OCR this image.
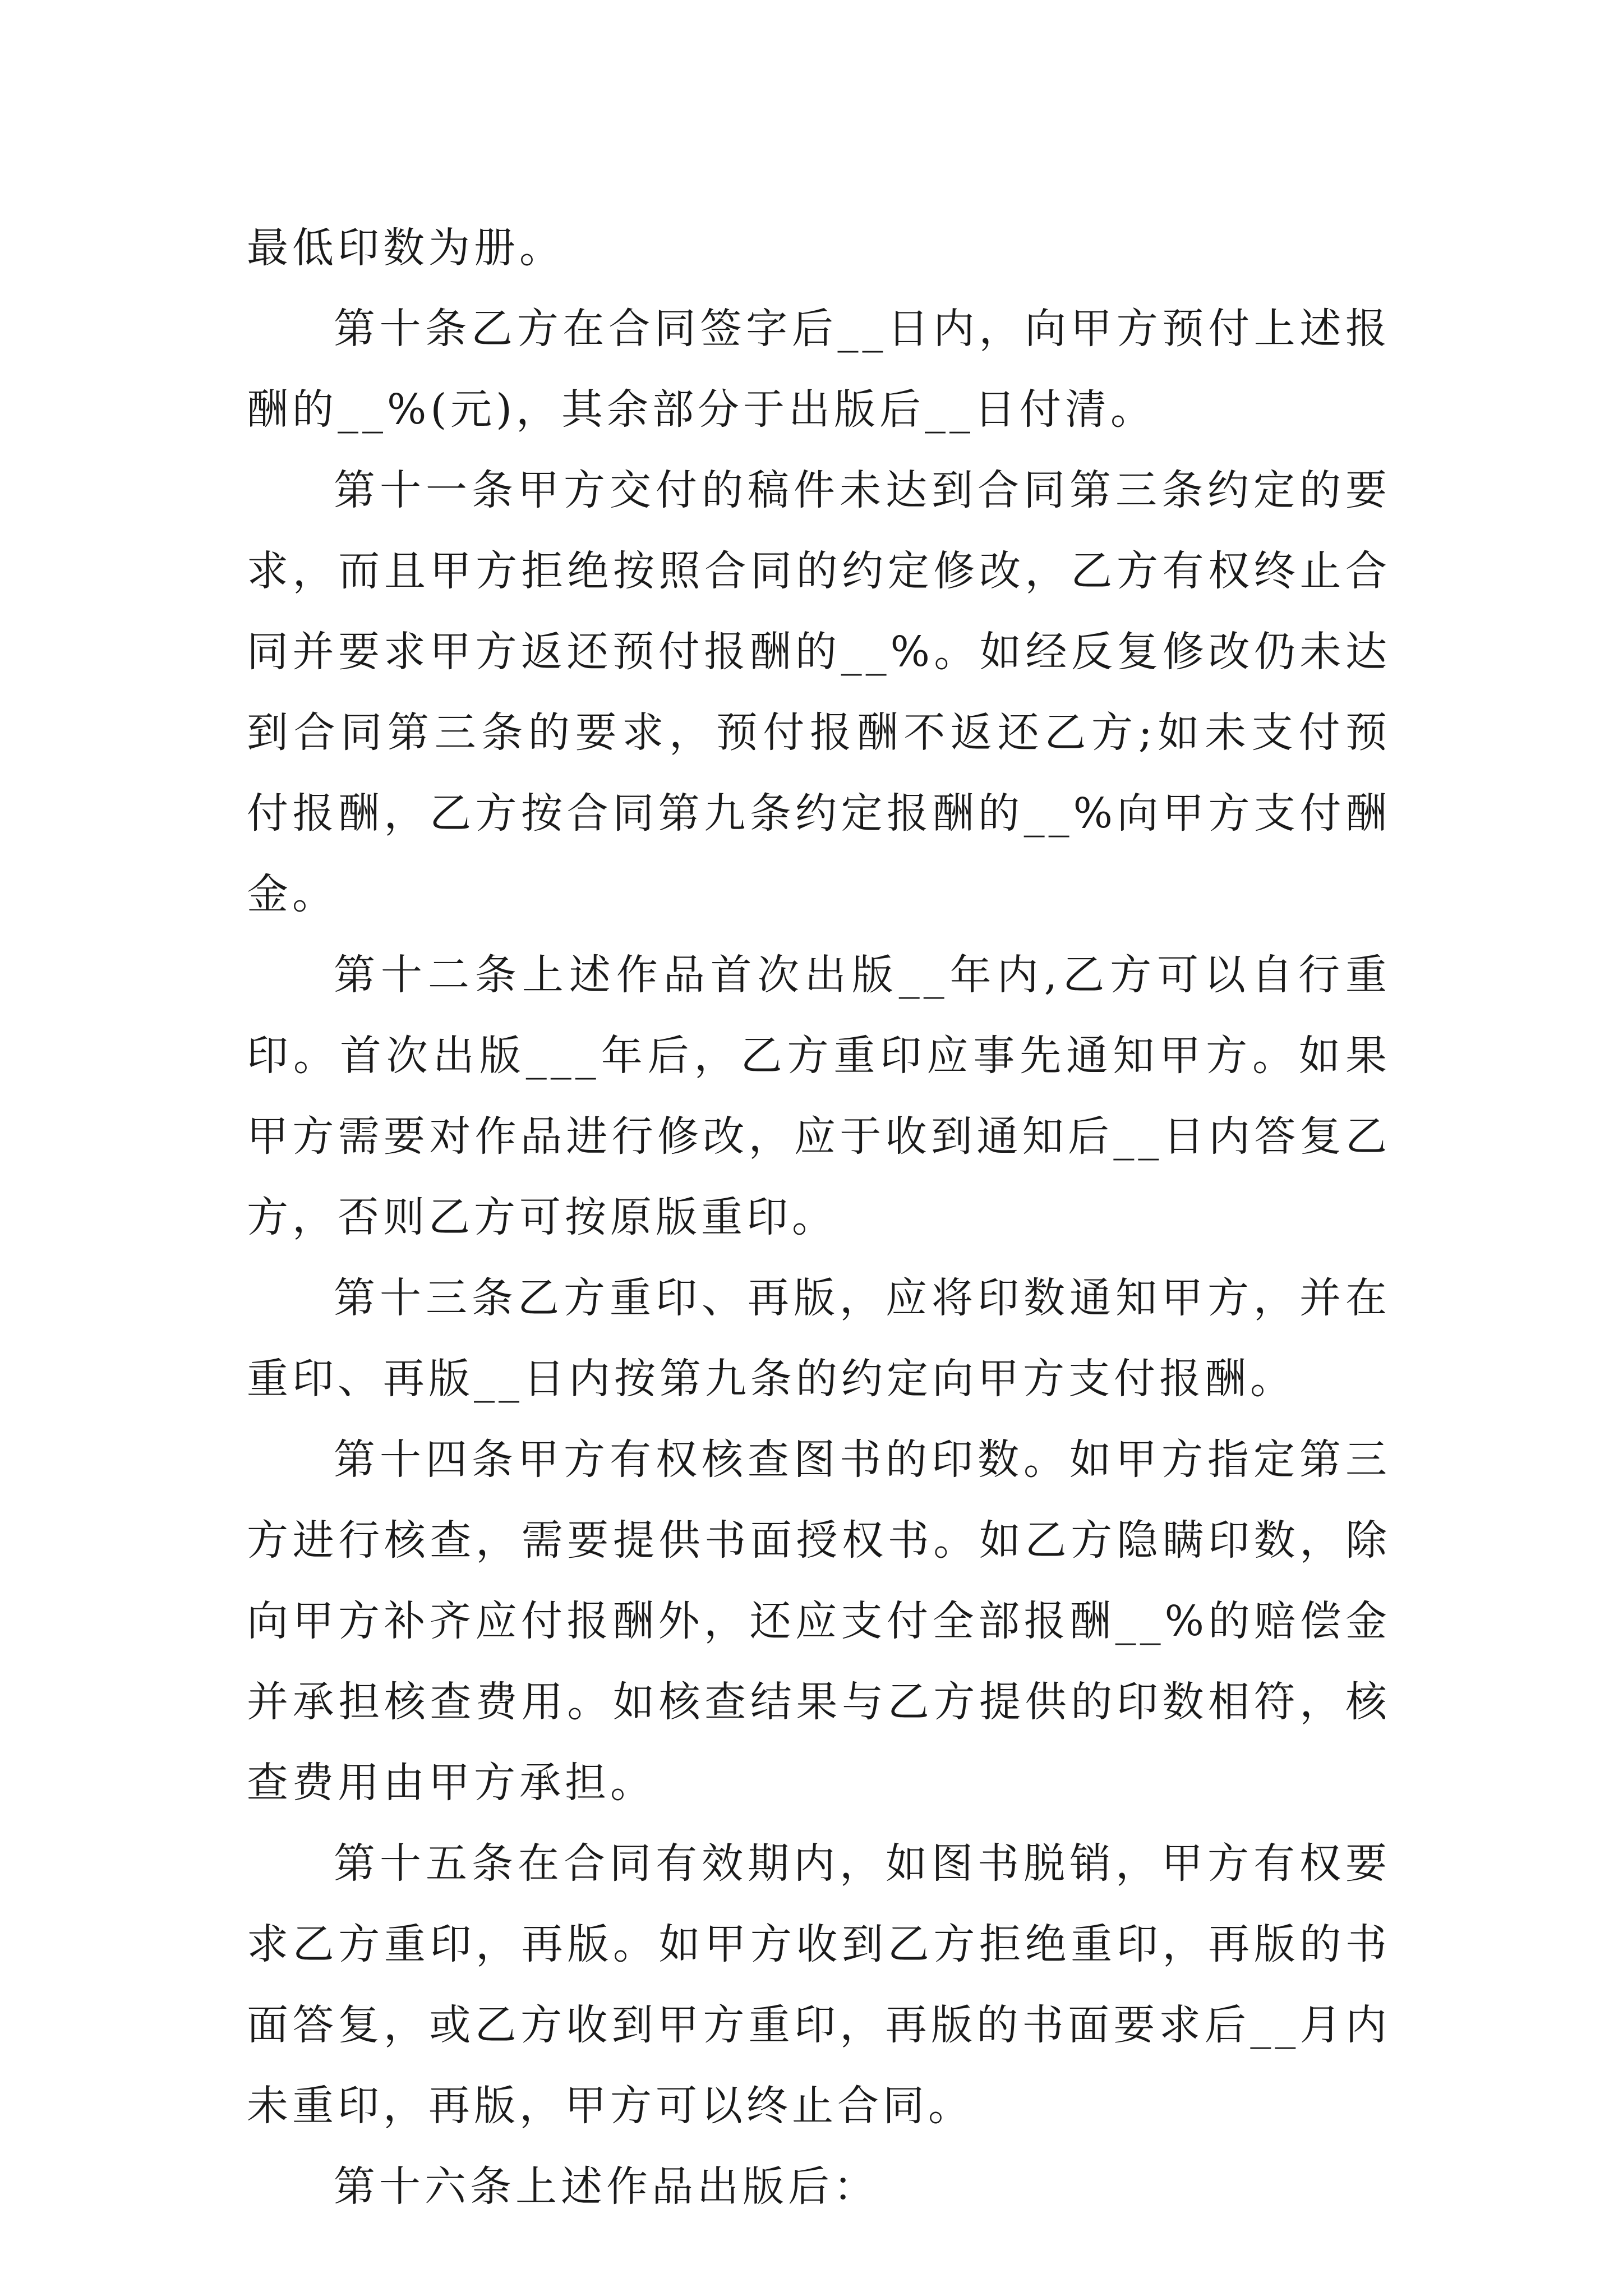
最低印数为册。

第十条乙方在合同签字后__日内，向甲方预付上述报酬的__%(元)，其余部分于出版后__日付清。

第十一条甲方交付的稿件未达到合同第三条约定的要求，而且甲方拒绝按照合同的约定修改，乙方有权终止合同并要求甲方返还预付报酬的__%。如经反复修改仍未达到合同第三条的要求，预付报酬不返还乙方;如未支付预付报酬，乙方按合同第九条约定报酬的__%向甲方支付酬金。

第十二条上述作品首次出版__年内,乙方可以自行重印。首次出版___年后，乙方重印应事先通知甲方。如果甲方需要对作品进行修改，应于收到通知后__日内答复乙方，否则乙方可按原版重印。

第十三条乙方重印、再版，应将印数通知甲方，并在重印、再版__日内按第九条的约定向甲方支付报酬。

第十四条甲方有权核查图书的印数。如甲方指定第三方进行核查，需要提供书面授权书。如乙方隐瞒印数，除向甲方补齐应付报酬外，还应支付全部报酬__%的赔偿金并承担核查费用。如核查结果与乙方提供的印数相符，核查费用由甲方承担。

第十五条在合同有效期内，如图书脱销，甲方有权要求乙方重印，再版。如甲方收到乙方拒绝重印，再版的书面答复，或乙方收到甲方重印，再版的书面要求后__月内未重印，再版，甲方可以终止合同。

第十六条上述作品出版后：
